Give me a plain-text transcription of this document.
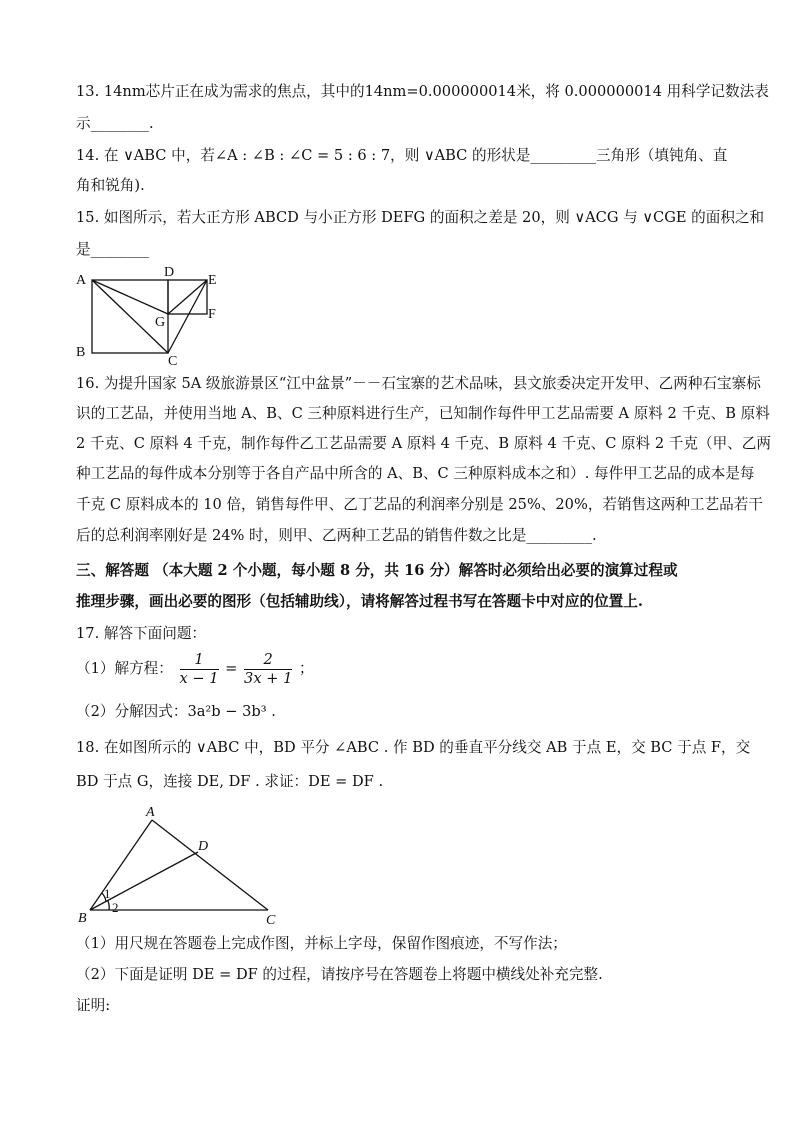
13. 14nm芯片正在成为需求的焦点，其中的14nm=0.000000014米，将 0.000000014 用科学记数法表
示________.
14. 在 ∨ABC 中，若∠A : ∠B : ∠C = 5 : 6 : 7，则 ∨ABC 的形状是_________三角形（填钝角、直
角和锐角).
15. 如图所示，若大正方形 ABCD 与小正方形 DEFG 的面积之差是 20，则 ∨ACG 与 ∨CGE 的面积之和
是________
A
D
E
F
G
B
C
16. 为提升国家 5A 级旅游景区“江中盆景”－－石宝寨的艺术品味，县文旅委决定开发甲、乙两种石宝寨标
识的工艺品，并使用当地 A、B、C 三种原料进行生产，已知制作每件甲工艺品需要 A 原料 2 千克、B 原料
2 千克、C 原料 4 千克，制作每件乙工艺品需要 A 原料 4 千克、B 原料 4 千克、C 原料 2 千克（甲、乙两
种工艺品的每件成本分别等于各自产品中所含的 A、B、C 三种原料成本之和）. 每件甲工艺品的成本是每
千克 C 原料成本的 10 倍，销售每件甲、乙丁艺品的利润率分别是 25%、20%，若销售这两种工艺品若干
后的总利润率刚好是 24% 时，则甲、乙两种工艺品的销售件数之比是_________.
三、解答题 （本大题 2 个小题，每小题 8 分，共 16 分）解答时必须给出必要的演算过程或
推理步骤，画出必要的图形（包括辅助线），请将解答过程书写在答题卡中对应的位置上.
17. 解答下面问题：
（1）解方程： $\frac{1}{x - 1} = \frac{2}{3x + 1}$ ；
（2）分解因式：3a²b − 3b³ .
18. 在如图所示的 ∨ABC 中，BD 平分 ∠ABC . 作 BD 的垂直平分线交 AB 于点 E，交 BC 于点 F，交
BD 于点 G，连接 DE, DF . 求证：DE = DF .
A
D
B	C
1
2
（1）用尺规在答题卷上完成作图，并标上字母，保留作图痕迹，不写作法；
（2）下面是证明 DE = DF 的过程，请按序号在答题卷上将题中横线处补充完整.
证明:
